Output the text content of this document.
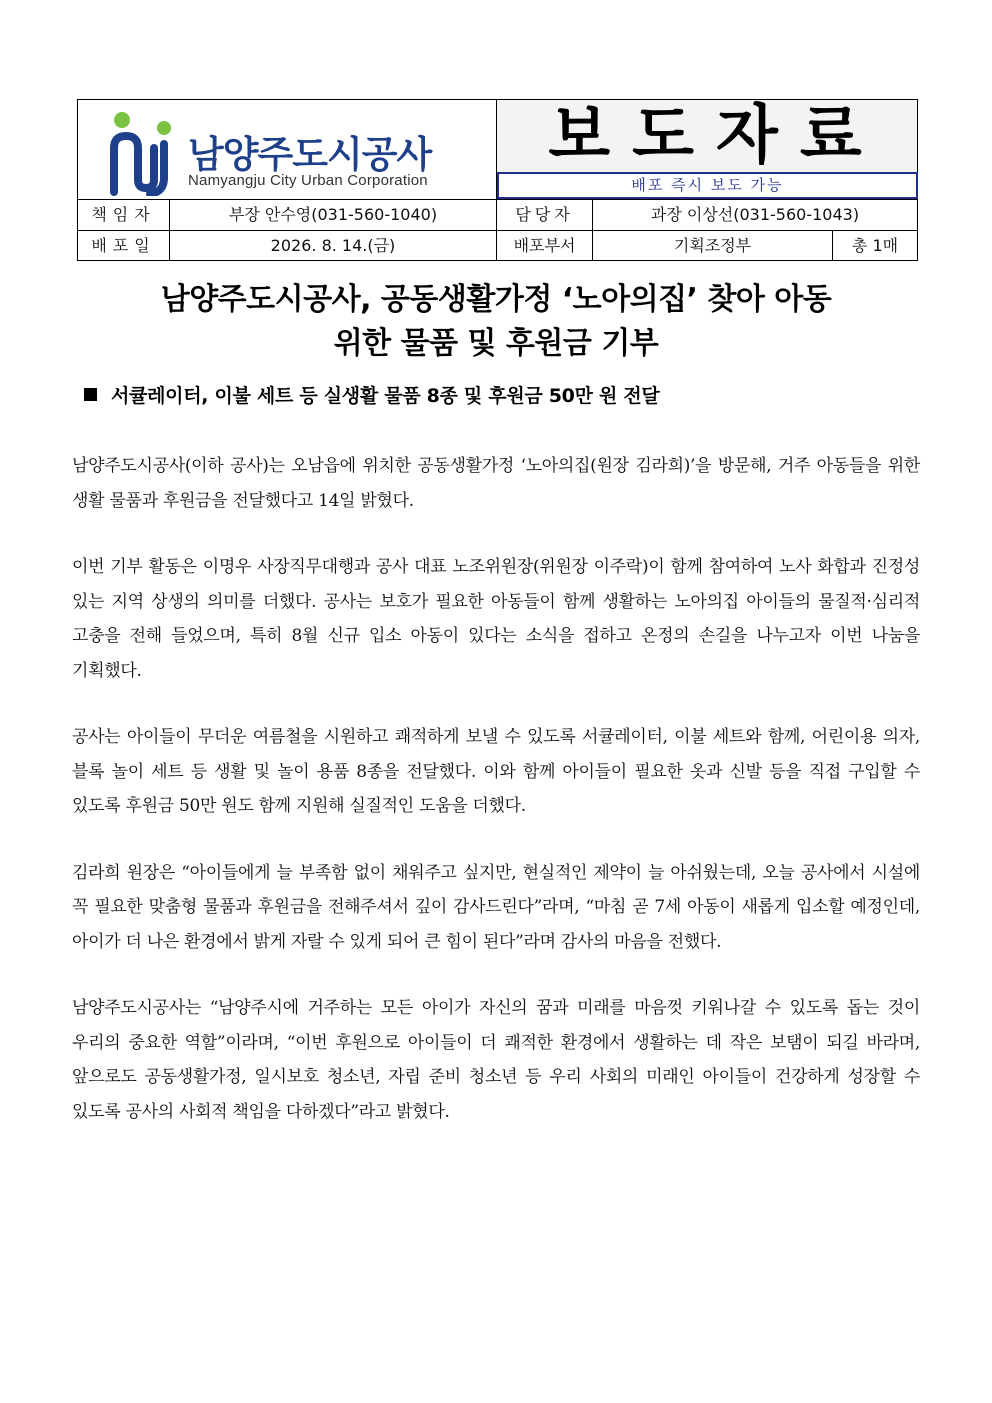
남양주도시공사
Namyangju City Urban Corporation
보도자료
배포 즉시 보도 가능
책임자	부장 안수영(031-560-1040)	담당자	과장 이상선(031-560-1043)
배포일	2026. 8. 14.(금)	배포부서	기획조정부	총 1매
남양주도시공사, 공동생활가정 ‘노아의집’ 찾아 아동
위한 물품 및 후원금 기부
서큘레이터, 이불 세트 등 실생활 물품 8종 및 후원금 50만 원 전달

남양주도시공사(이하 공사)는 오남읍에 위치한 공동생활가정 ‘노아의집(원장 김라희)’을 방문해, 거주 아동들을 위한 생활 물품과 후원금을 전달했다고 14일 밝혔다.

이번 기부 활동은 이명우 사장직무대행과 공사 대표 노조위원장(위원장 이주락)이 함께 참여하여 노사 화합과 진정성 있는 지역 상생의 의미를 더했다. 공사는 보호가 필요한 아동들이 함께 생활하는 노아의집 아이들의 물질적·심리적 고충을 전해 들었으며, 특히 8월 신규 입소 아동이 있다는 소식을 접하고 온정의 손길을 나누고자 이번 나눔을 기획했다.

공사는 아이들이 무더운 여름철을 시원하고 쾌적하게 보낼 수 있도록 서큘레이터, 이불 세트와 함께, 어린이용 의자, 블록 놀이 세트 등 생활 및 놀이 용품 8종을 전달했다. 이와 함께 아이들이 필요한 옷과 신발 등을 직접 구입할 수 있도록 후원금 50만 원도 함께 지원해 실질적인 도움을 더했다.

김라희 원장은 “아이들에게 늘 부족함 없이 채워주고 싶지만, 현실적인 제약이 늘 아쉬웠는데, 오늘 공사에서 시설에 꼭 필요한 맞춤형 물품과 후원금을 전해주셔서 깊이 감사드린다”라며, “마침 곧 7세 아동이 새롭게 입소할 예정인데, 아이가 더 나은 환경에서 밝게 자랄 수 있게 되어 큰 힘이 된다”라며 감사의 마음을 전했다.

남양주도시공사는 “남양주시에 거주하는 모든 아이가 자신의 꿈과 미래를 마음껏 키워나갈 수 있도록 돕는 것이 우리의 중요한 역할”이라며, “이번 후원으로 아이들이 더 쾌적한 환경에서 생활하는 데 작은 보탬이 되길 바라며, 앞으로도 공동생활가정, 일시보호 청소년, 자립 준비 청소년 등 우리 사회의 미래인 아이들이 건강하게 성장할 수 있도록 공사의 사회적 책임을 다하겠다”라고 밝혔다.
